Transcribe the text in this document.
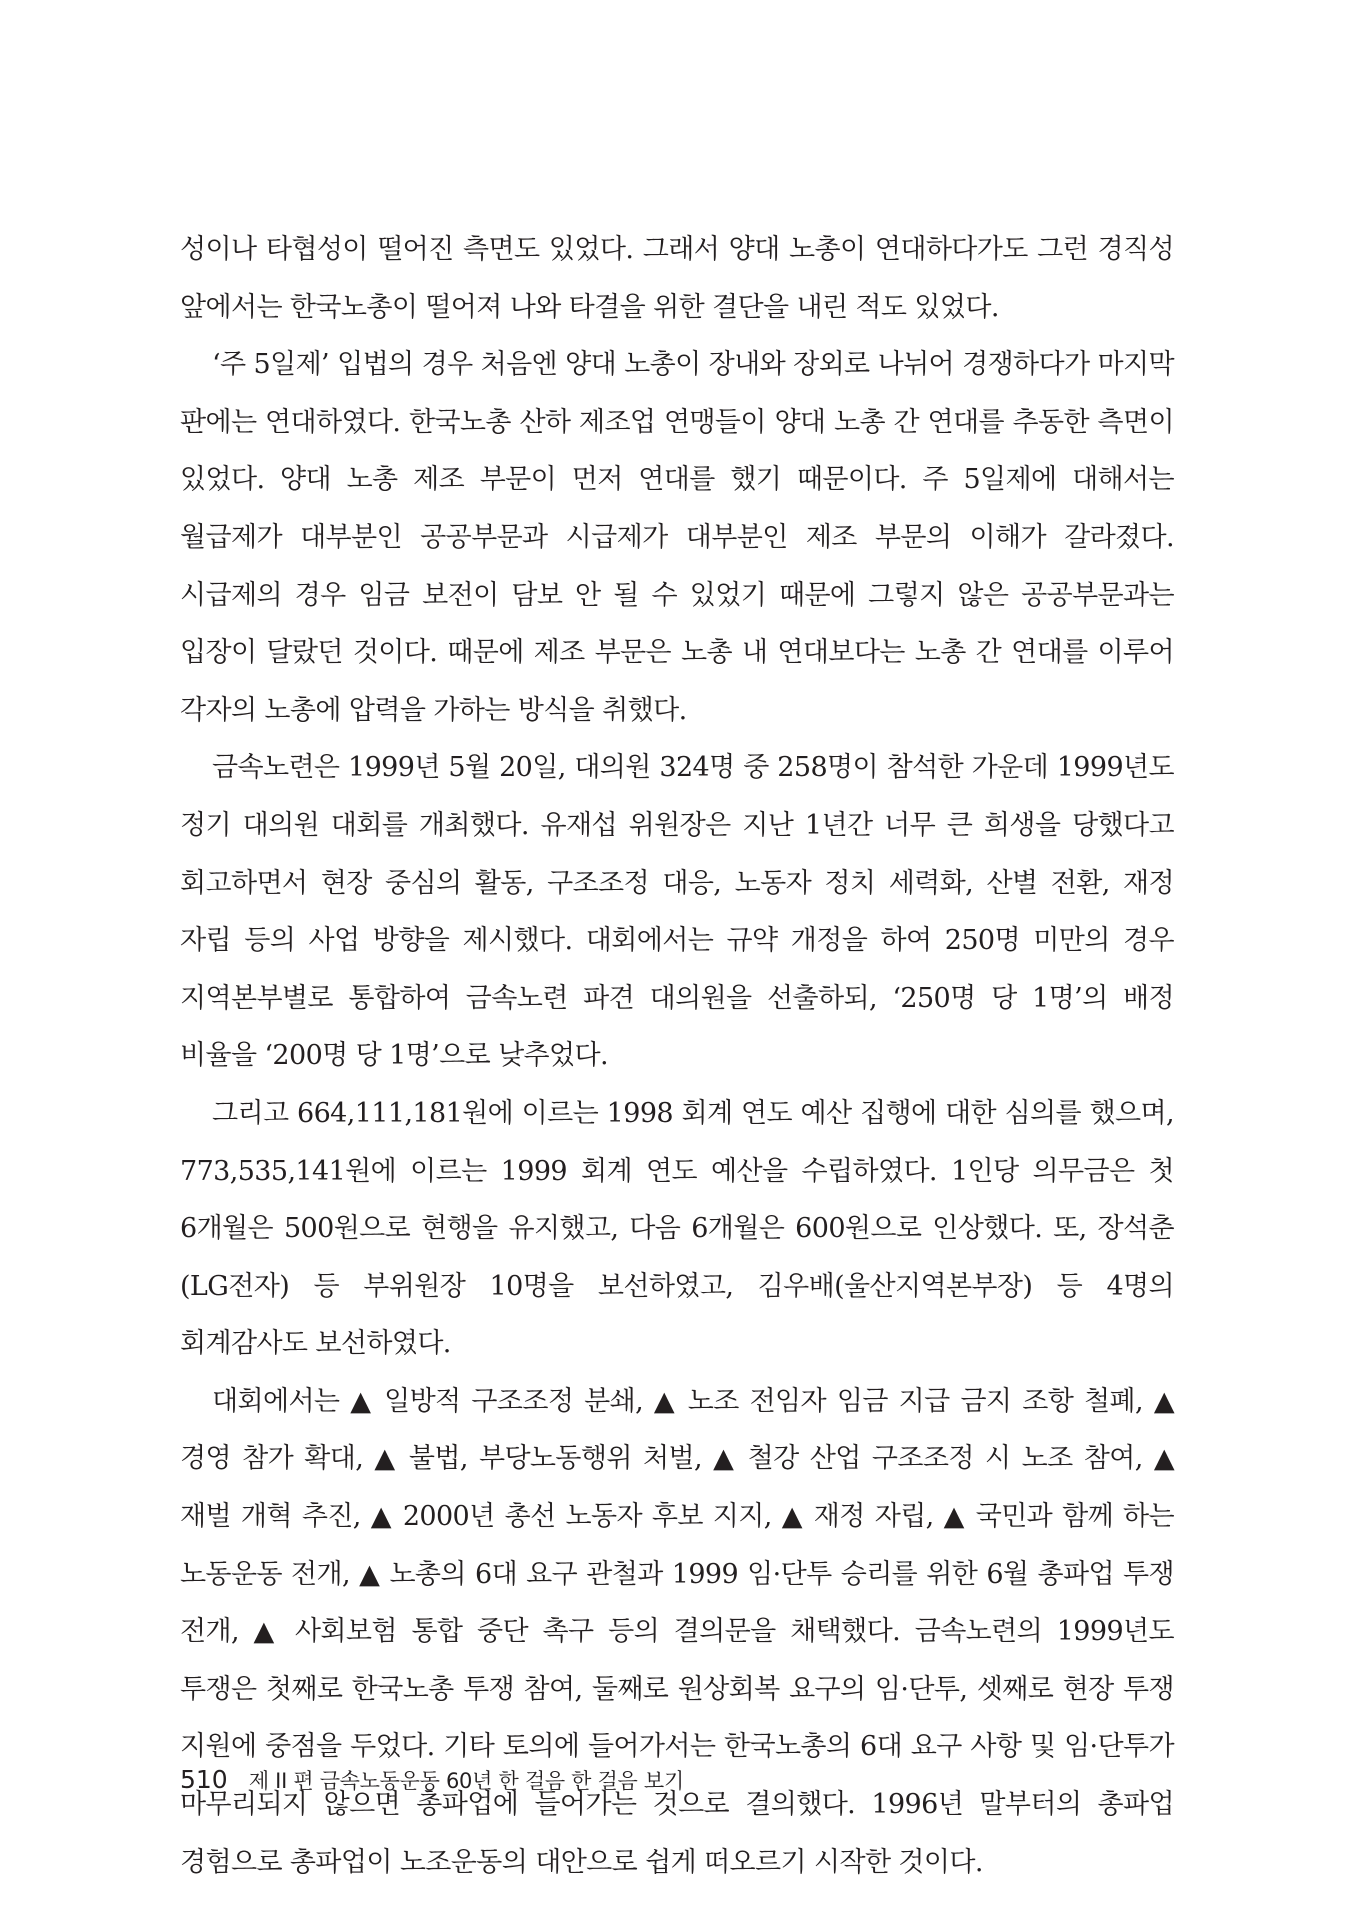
성이나 타협성이 떨어진 측면도 있었다. 그래서 양대 노총이 연대하다가도 그런 경직성 앞에서는 한국노총이 떨어져 나와 타결을 위한 결단을 내린 적도 있었다.

‘주 5일제’ 입법의 경우 처음엔 양대 노총이 장내와 장외로 나뉘어 경쟁하다가 마지막 판에는 연대하였다. 한국노총 산하 제조업 연맹들이 양대 노총 간 연대를 추동한 측면이 있었다. 양대 노총 제조 부문이 먼저 연대를 했기 때문이다. 주 5일제에 대해서는 월급제가 대부분인 공공부문과 시급제가 대부분인 제조 부문의 이해가 갈라졌다. 시급제의 경우 임금 보전이 담보 안 될 수 있었기 때문에 그렇지 않은 공공부문과는 입장이 달랐던 것이다. 때문에 제조 부문은 노총 내 연대보다는 노총 간 연대를 이루어 각자의 노총에 압력을 가하는 방식을 취했다.

금속노련은 1999년 5월 20일, 대의원 324명 중 258명이 참석한 가운데 1999년도 정기 대의원 대회를 개최했다. 유재섭 위원장은 지난 1년간 너무 큰 희생을 당했다고 회고하면서 현장 중심의 활동, 구조조정 대응, 노동자 정치 세력화, 산별 전환, 재정 자립 등의 사업 방향을 제시했다. 대회에서는 규약 개정을 하여 250명 미만의 경우 지역본부별로 통합하여 금속노련 파견 대의원을 선출하되, ‘250명 당 1명’의 배정 비율을 ‘200명 당 1명’으로 낮추었다.

그리고 664,111,181원에 이르는 1998 회계 연도 예산 집행에 대한 심의를 했으며, 773,535,141원에 이르는 1999 회계 연도 예산을 수립하였다. 1인당 의무금은 첫 6개월은 500원으로 현행을 유지했고, 다음 6개월은 600원으로 인상했다. 또, 장석춘(LG전자) 등 부위원장 10명을 보선하였고, 김우배(울산지역본부장) 등 4명의 회계감사도 보선하였다.

대회에서는 ▲ 일방적 구조조정 분쇄, ▲ 노조 전임자 임금 지급 금지 조항 철폐, ▲ 경영 참가 확대, ▲ 불법, 부당노동행위 처벌, ▲ 철강 산업 구조조정 시 노조 참여, ▲ 재벌 개혁 추진, ▲ 2000년 총선 노동자 후보 지지, ▲ 재정 자립, ▲ 국민과 함께 하는 노동운동 전개, ▲ 노총의 6대 요구 관철과 1999 임·단투 승리를 위한 6월 총파업 투쟁 전개, ▲ 사회보험 통합 중단 촉구 등의 결의문을 채택했다. 금속노련의 1999년도 투쟁은 첫째로 한국노총 투쟁 참여, 둘째로 원상회복 요구의 임·단투, 셋째로 현장 투쟁 지원에 중점을 두었다. 기타 토의에 들어가서는 한국노총의 6대 요구 사항 및 임·단투가 마무리되지 않으면 총파업에 들어가는 것으로 결의했다. 1996년 말부터의 총파업 경험으로 총파업이 노조운동의 대안으로 쉽게 떠오르기 시작한 것이다.

510 제 II 편 금속노동운동 60년 한 걸음 한 걸음 보기
